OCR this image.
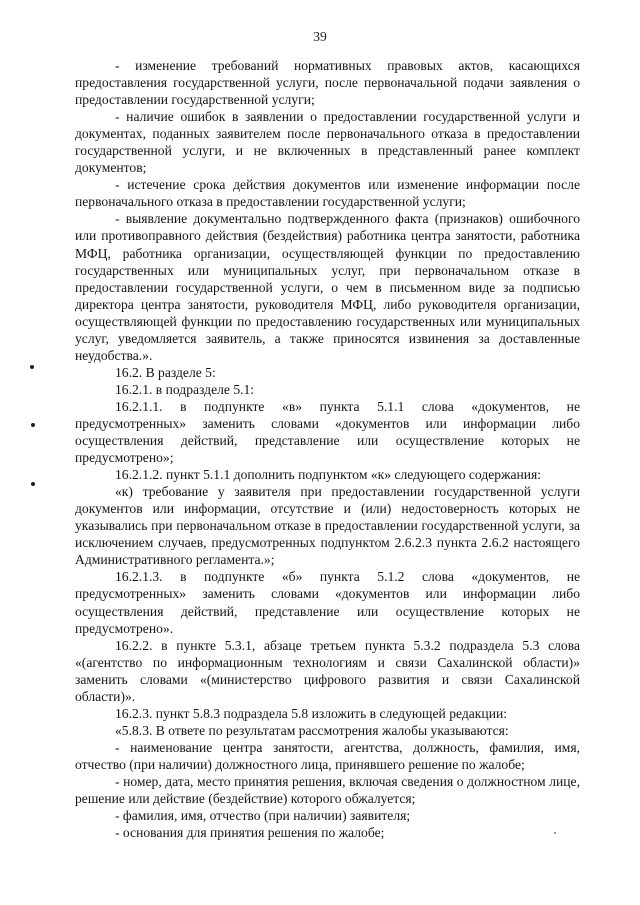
39

- изменение требований нормативных правовых актов, касающихся предоставления государственной услуги, после первоначальной подачи заявления о предоставлении государственной услуги;

- наличие ошибок в заявлении о предоставлении государственной услуги и документах, поданных заявителем после первоначального отказа в предоставлении государственной услуги, и не включенных в представленный ранее комплект документов;

- истечение срока действия документов или изменение информации после первоначального отказа в предоставлении государственной услуги;

- выявление документально подтвержденного факта (признаков) ошибочного или противоправного действия (бездействия) работника центра занятости, работника МФЦ, работника организации, осуществляющей функции по предоставлению государственных или муниципальных услуг, при первоначальном отказе в предоставлении государственной услуги, о чем в письменном виде за подписью директора центра занятости, руководителя МФЦ, либо руководителя организации, осуществляющей функции по предоставлению государственных или муниципальных услуг, уведомляется заявитель, а также приносятся извинения за доставленные неудобства.».

16.2. В разделе 5:

16.2.1. в подразделе 5.1:

16.2.1.1. в подпункте «в» пункта 5.1.1 слова «документов, не предусмотренных» заменить словами «документов или информации либо осуществления действий, представление или осуществление которых не предусмотрено»;

16.2.1.2. пункт 5.1.1 дополнить подпунктом «к» следующего содержания:

«к) требование у заявителя при предоставлении государственной услуги документов или информации, отсутствие и (или) недостоверность которых не указывались при первоначальном отказе в предоставлении государственной услуги, за исключением случаев, предусмотренных подпунктом 2.6.2.3 пункта 2.6.2 настоящего Административного регламента.»;

16.2.1.3. в подпункте «б» пункта 5.1.2 слова «документов, не предусмотренных» заменить словами «документов или информации либо осуществления действий, представление или осуществление которых не предусмотрено».

16.2.2. в пункте 5.3.1, абзаце третьем пункта 5.3.2 подраздела 5.3 слова «(агентство по информационным технологиям и связи Сахалинской области)» заменить словами «(министерство цифрового развития и связи Сахалинской области)».

16.2.3. пункт 5.8.3 подраздела 5.8 изложить в следующей редакции:

«5.8.3. В ответе по результатам рассмотрения жалобы указываются:

- наименование центра занятости, агентства, должность, фамилия, имя, отчество (при наличии) должностного лица, принявшего решение по жалобе;

- номер, дата, место принятия решения, включая сведения о должностном лице, решение или действие (бездействие) которого обжалуется;

- фамилия, имя, отчество (при наличии) заявителя;

- основания для принятия решения по жалобе;
